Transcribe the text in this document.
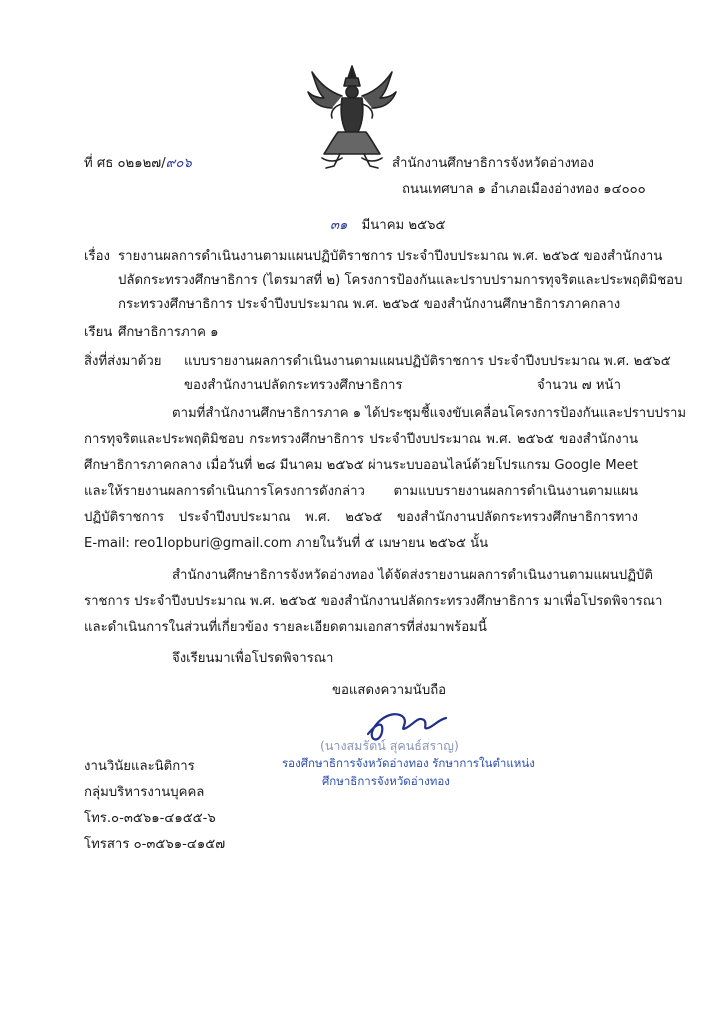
ที่ ศธ ๐๒๑๒๗/๙๐๖	สำนักงานศึกษาธิการจังหวัดอ่างทอง
ถนนเทศบาล ๑ อำเภอเมืองอ่างทอง ๑๔๐๐๐
๓๑ มีนาคม ๒๕๖๕
เรื่อง รายงานผลการดำเนินงานตามแผนปฏิบัติราชการ ประจำปีงบประมาณ พ.ศ. ๒๕๖๕ ของสำนักงาน
ปลัดกระทรวงศึกษาธิการ (ไตรมาสที่ ๒) โครงการป้องกันและปราบปรามการทุจริตและประพฤติมิชอบ
กระทรวงศึกษาธิการ ประจำปีงบประมาณ พ.ศ. ๒๕๖๕ ของสำนักงานศึกษาธิการภาคกลาง
เรียน ศึกษาธิการภาค ๑
สิ่งที่ส่งมาด้วย แบบรายงานผลการดำเนินงานตามแผนปฏิบัติราชการ ประจำปีงบประมาณ พ.ศ. ๒๕๖๕
ของสำนักงานปลัดกระทรวงศึกษาธิการ	จำนวน ๗ หน้า
ตามที่สำนักงานศึกษาธิการภาค ๑ ได้ประชุมชี้แจงขับเคลื่อนโครงการป้องกันและปราบปราม
การทุจริตและประพฤติมิชอบ กระทรวงศึกษาธิการ ประจำปีงบประมาณ พ.ศ. ๒๕๖๕ ของสำนักงาน
ศึกษาธิการภาคกลาง เมื่อวันที่ ๒๘ มีนาคม ๒๕๖๕ ผ่านระบบออนไลน์ด้วยโปรแกรม Google Meet
และให้รายงานผลการดำเนินการโครงการดังกล่าว ตามแบบรายงานผลการดำเนินงานตามแผน
ปฏิบัติราชการ ประจำปีงบประมาณ พ.ศ. ๒๕๖๕ ของสำนักงานปลัดกระทรวงศึกษาธิการทาง
E-mail: reo1lopburi@gmail.com ภายในวันที่ ๕ เมษายน ๒๕๖๕ นั้น
สำนักงานศึกษาธิการจังหวัดอ่างทอง ได้จัดส่งรายงานผลการดำเนินงานตามแผนปฏิบัติ
ราชการ ประจำปีงบประมาณ พ.ศ. ๒๕๖๕ ของสำนักงานปลัดกระทรวงศึกษาธิการ มาเพื่อโปรดพิจารณา
และดำเนินการในส่วนที่เกี่ยวข้อง รายละเอียดตามเอกสารที่ส่งมาพร้อมนี้
จึงเรียนมาเพื่อโปรดพิจารณา
ขอแสดงความนับถือ
(นางสมรัตน์ สุคนธ์สราญ)
รองศึกษาธิการจังหวัดอ่างทอง รักษาการในตำแหน่ง
ศึกษาธิการจังหวัดอ่างทอง
งานวินัยและนิติการ
กลุ่มบริหารงานบุคคล
โทร.๐-๓๕๖๑-๔๑๕๕-๖
โทรสาร ๐-๓๕๖๑-๔๑๕๗
